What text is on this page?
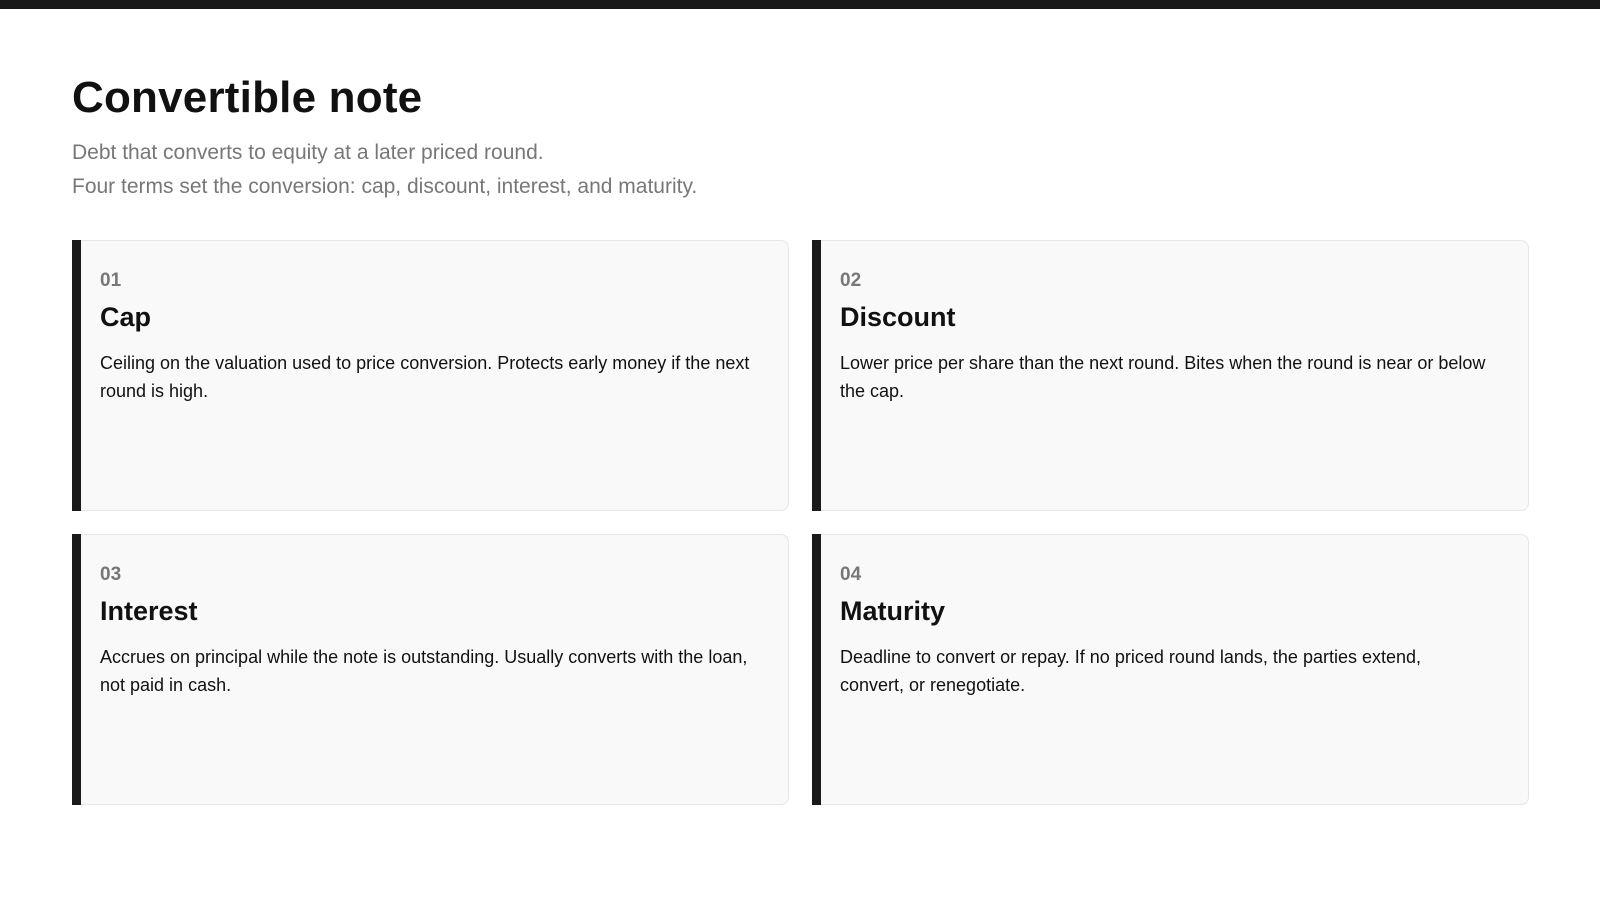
Convertible note
Debt that converts to equity at a later priced round.
Four terms set the conversion: cap, discount, interest, and maturity.
01
Cap
Ceiling on the valuation used to price conversion. Protects early money if the next round is high.
02
Discount
Lower price per share than the next round. Bites when the round is near or below the cap.
03
Interest
Accrues on principal while the note is outstanding. Usually converts with the loan, not paid in cash.
04
Maturity
Deadline to convert or repay. If no priced round lands, the parties extend, convert, or renegotiate.
